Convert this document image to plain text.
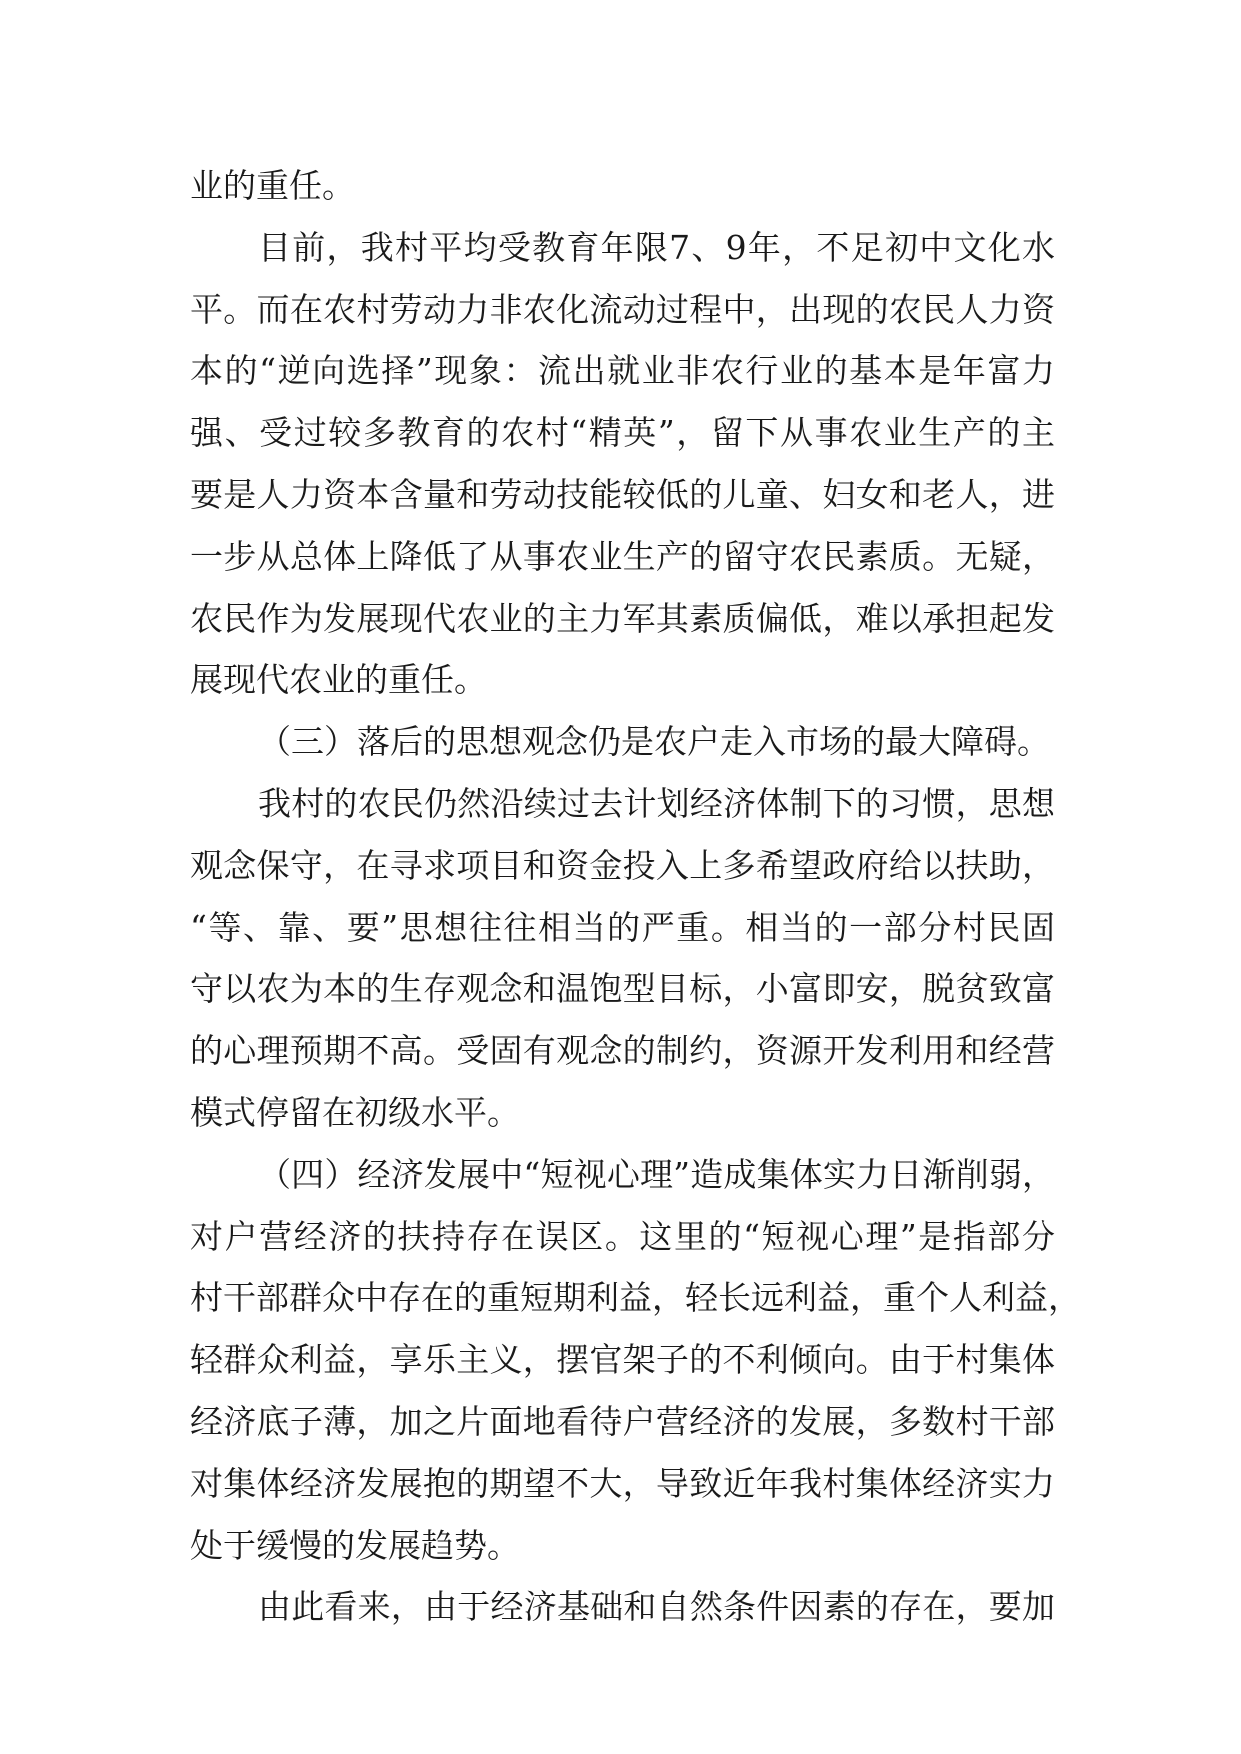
业的重任。
目前，我村平均受教育年限7、9年，不足初中文化水
平。而在农村劳动力非农化流动过程中，出现的农民人力资
本的“逆向选择”现象：流出就业非农行业的基本是年富力
强、受过较多教育的农村“精英”，留下从事农业生产的主
要是人力资本含量和劳动技能较低的儿童、妇女和老人，进
一步从总体上降低了从事农业生产的留守农民素质。无疑，
农民作为发展现代农业的主力军其素质偏低，难以承担起发
展现代农业的重任。
（三）落后的思想观念仍是农户走入市场的最大障碍。
我村的农民仍然沿续过去计划经济体制下的习惯，思想
观念保守，在寻求项目和资金投入上多希望政府给以扶助，
“等、靠、要”思想往往相当的严重。相当的一部分村民固
守以农为本的生存观念和温饱型目标，小富即安，脱贫致富
的心理预期不高。受固有观念的制约，资源开发利用和经营
模式停留在初级水平。
（四）经济发展中“短视心理”造成集体实力日渐削弱，
对户营经济的扶持存在误区。这里的“短视心理”是指部分
村干部群众中存在的重短期利益，轻长远利益，重个人利益，
轻群众利益，享乐主义，摆官架子的不利倾向。由于村集体
经济底子薄，加之片面地看待户营经济的发展，多数村干部
对集体经济发展抱的期望不大，导致近年我村集体经济实力
处于缓慢的发展趋势。
由此看来，由于经济基础和自然条件因素的存在，要加
